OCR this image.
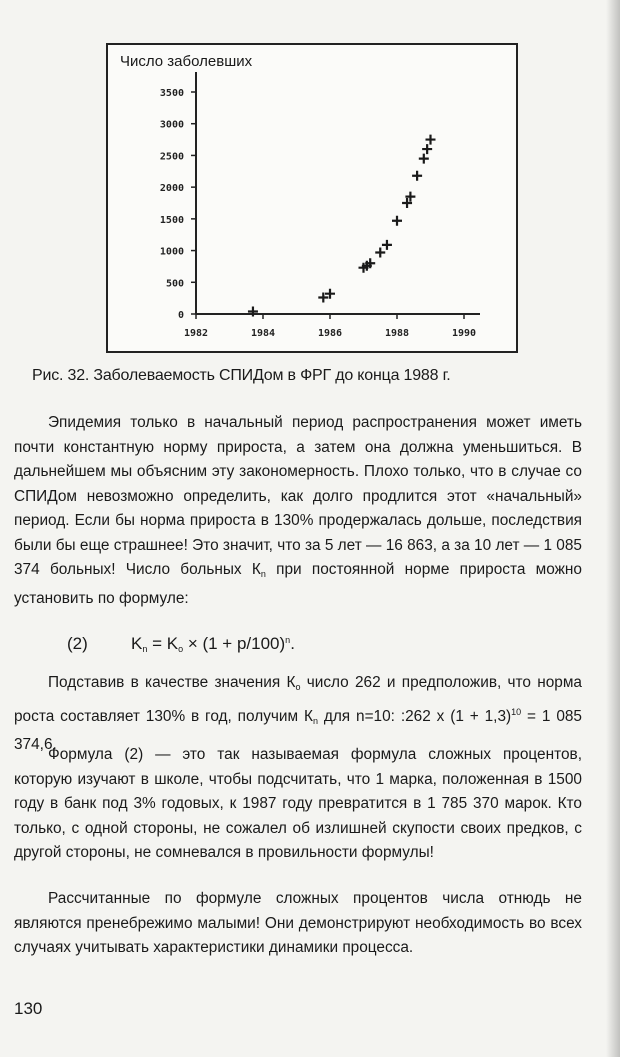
Число заболевших
0
500
1000
1500
2000
2500
3000
3500
1982	1984	1986	1988	1990
Рис. 32. Заболеваемость СПИДом в ФРГ до конца 1988 г.
Эпидемия только в начальный период распространения может иметь почти константную норму прироста, а затем она должна уменьшиться. В дальнейшем мы объясним эту закономерность. Плохо только, что в случае со СПИДом невозможно определить, как долго продлится этот «начальный» период. Если бы норма прироста в 130% продержалась дольше, последствия были бы еще страшнее! Это значит, что за 5 лет — 16 863, а за 10 лет — 1 085 374 больных! Число больных $К_n$ при постоянной норме прироста можно установить по формуле:
(2)	$K_n = K_o \times (1 + p/100)^n$.
Подставив в качестве значения $К_o$ число 262 и предположив, что норма роста составляет 130% в год, получим $К_n$ для n=10: :262 x $(1 + 1,3)^{10} = 1$ 085 374,6.
Формула (2) — это так называемая формула сложных процентов, которую изучают в школе, чтобы подсчитать, что 1 марка, положенная в 1500 году в банк под 3% годовых, к 1987 году превратится в 1 785 370 марок. Кто только, с одной стороны, не сожалел об излишней скупости своих предков, с другой стороны, не сомневался в провильности формулы!
Рассчитанные по формуле сложных процентов числа отнюдь не являются пренебрежимо малыми! Они демонстрируют необходимость во всех случаях учитывать характеристики динамики процесса.
130
